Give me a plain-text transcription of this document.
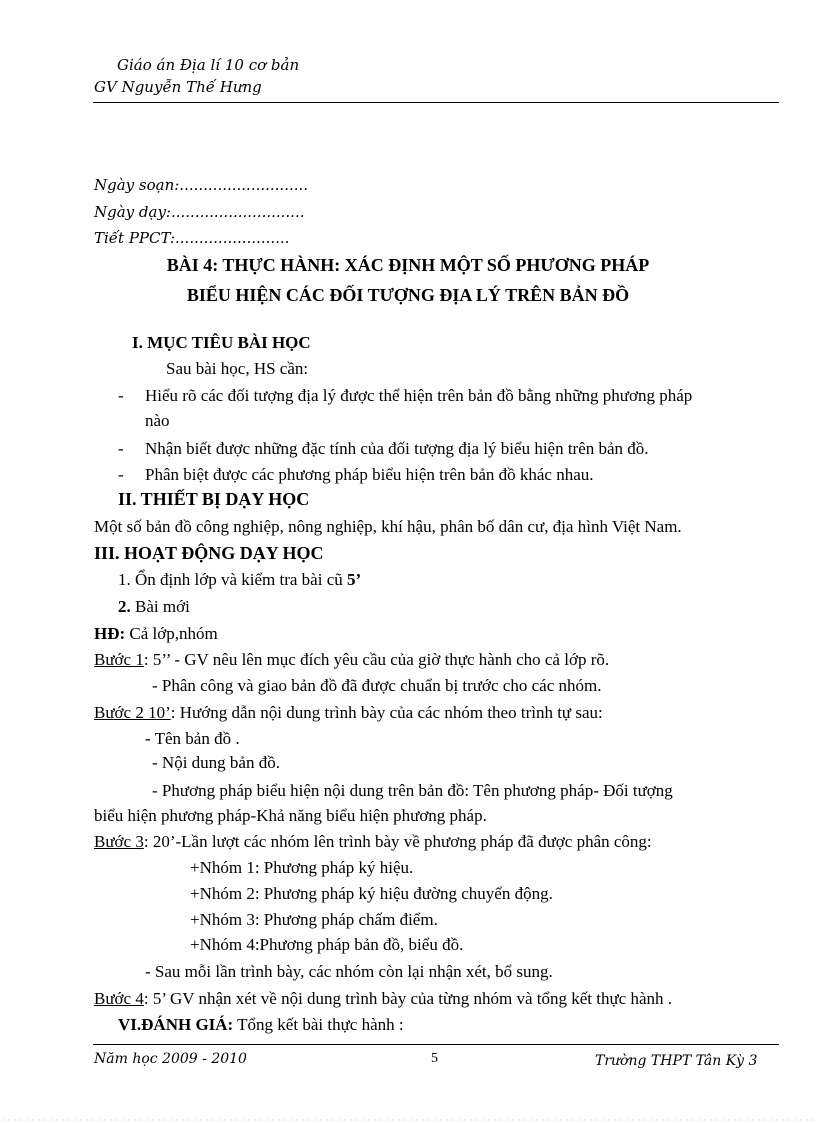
Giáo án Địa lí 10 cơ bản
GV Nguyễn Thế Hưng
Ngày soạn:...........................
Ngày dạy:............................
Tiết PPCT:........................
BÀI 4: THỰC HÀNH: XÁC ĐỊNH MỘT SỐ PHƯƠNG PHÁP
BIỂU HIỆN CÁC ĐỐI TƯỢNG ĐỊA LÝ TRÊN BẢN ĐỒ
I. MỤC TIÊU BÀI HỌC
Sau bài học, HS cần:
- Hiểu rõ các đối tượng địa lý được thể hiện trên bản đồ bằng những phương pháp
nào
- Nhận biết được những đặc tính của đối tượng địa lý biểu hiện trên bản đồ.
- Phân biệt được các phương pháp biểu hiện trên bản đồ khác nhau.
II. THIẾT BỊ DẠY HỌC
Một số bản đồ công nghiệp, nông nghiệp, khí hậu, phân bố dân cư, địa hình Việt Nam.
III. HOẠT ĐỘNG DẠY HỌC
1. Ổn định lớp và kiểm tra bài cũ 5’
2. Bài mới
HĐ: Cả lớp,nhóm
Bước 1: 5’’ - GV nêu lên mục đích yêu cầu của giờ thực hành cho cả lớp rõ.
- Phân công và giao bản đồ đã được chuẩn bị trước cho các nhóm.
Bước 2 10’: Hướng dẫn nội dung trình bày của các nhóm theo trình tự sau:
- Tên bản đồ .
- Nội dung bản đồ.
- Phương pháp biểu hiện nội dung trên bản đồ: Tên phương pháp- Đối tượng
biểu hiện phương pháp-Khả năng biểu hiện phương pháp.
Bước 3: 20’-Lần lượt các nhóm lên trình bày về phương pháp đã được phân công:
+Nhóm 1: Phương pháp ký hiệu.
+Nhóm 2: Phương pháp ký hiệu đường chuyển động.
+Nhóm 3: Phương pháp chấm điểm.
+Nhóm 4:Phương pháp bản đồ, biểu đồ.
- Sau mỗi lần trình bày, các nhóm còn lại nhận xét, bổ sung.
Bước 4: 5’ GV nhận xét về nội dung trình bày của từng nhóm và tổng kết thực hành .
VI.ĐÁNH GIÁ: Tổng kết bài thực hành :
Năm học 2009 - 2010	5	Trường THPT Tân Kỳ 3
